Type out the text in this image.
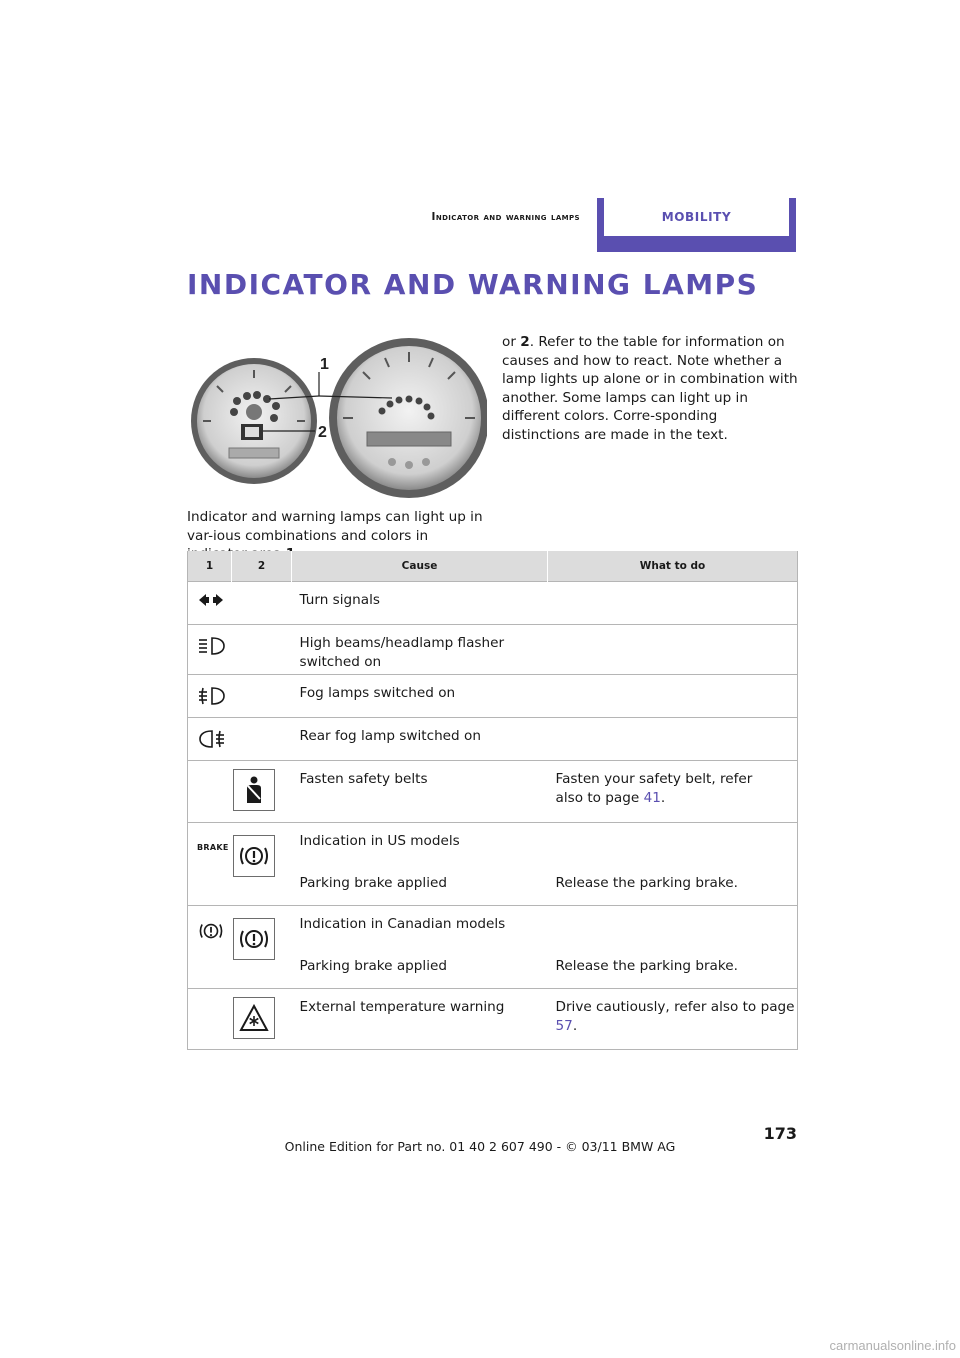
Indicator and warning lamps	MOBILITY
INDICATOR AND WARNING LAMPS
1
2
Indicator and warning lamps can light up in var-ious combinations and colors in
or 2. Refer to the table for information on causes and how to react. Note whether a lamp lights up alone or in combination with another. Some lamps can light up in different colors. Corre-sponding distinctions are made in the text.
1	2	Cause	What to do

Turn signals	

High beams/headlamp flasher switched on	

Fog lamps switched on	

Rear fog lamp switched on	

Fasten safety belts	Fasten your safety belt, refer also to page 41.

BRAKE		Indication in US models
Parking brake applied	Release the parking brake.

Indication in Canadian models
Parking brake applied	Release the parking brake.

External temperature warning	Drive cautiously, refer also to page 57.
173
Online Edition for Part no. 01 40 2 607 490 - © 03/11 BMW AG
carmanualsonline.info
